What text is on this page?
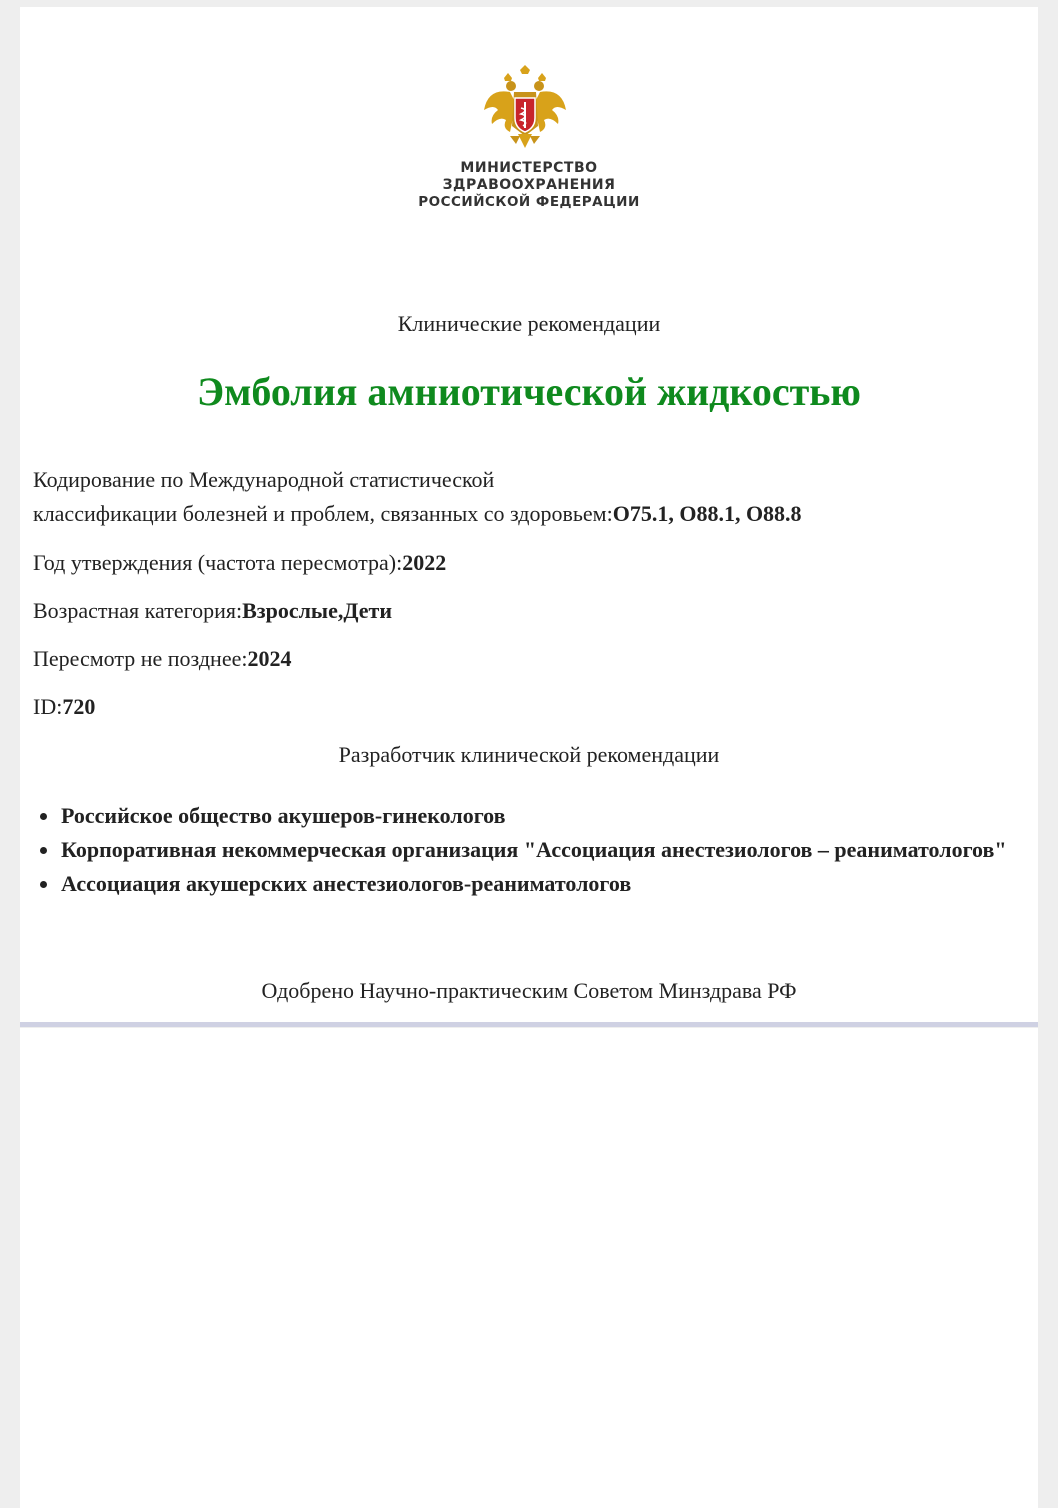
МИНИСТЕРСТВО
ЗДРАВООХРАНЕНИЯ
РОССИЙСКОЙ ФЕДЕРАЦИИ
Клинические рекомендации
Эмболия амниотической жидкостью
Кодирование по Международной статистической
классификации болезней и проблем, связанных со здоровьем:O75.1, O88.1, O88.8
Год утверждения (частота пересмотра):2022
Возрастная категория:Взрослые,Дети
Пересмотр не позднее:2024
ID:720
Разработчик клинической рекомендации
Российское общество акушеров-гинекологов
Корпоративная некоммерческая организация "Ассоциация анестезиологов – реаниматологов"
Ассоциация акушерских анестезиологов-реаниматологов
Одобрено Научно-практическим Советом Минздрава РФ
